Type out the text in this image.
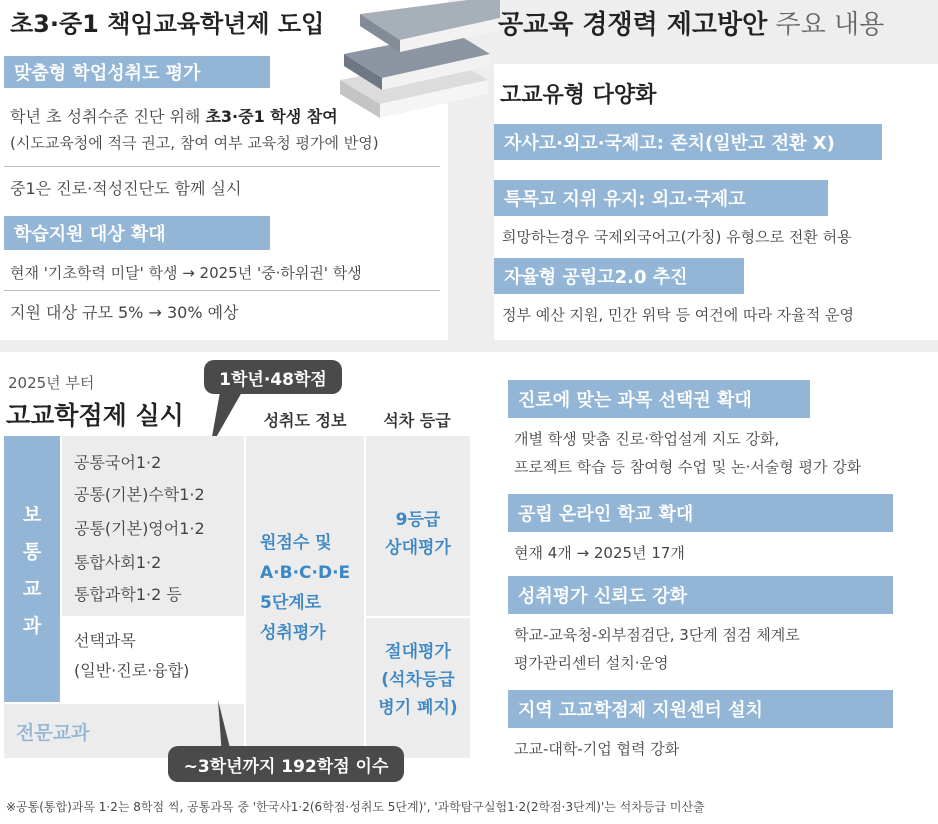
초3·중1 책임교육학년제 도입
맞춤형 학업성취도 평가
학년 초 성취수준 진단 위해 초3·중1 학생 참여
(시도교육청에 적극 권고, 참여 여부 교육청 평가에 반영)
중1은 진로·적성진단도 함께 실시
학습지원 대상 확대
현재 '기초학력 미달' 학생 → 2025년 '중·하위권' 학생
지원 대상 규모 5% → 30% 예상
공교육 경쟁력 제고방안 주요 내용
고교유형 다양화
자사고·외고·국제고: 존치(일반고 전환 X)
특목고 지위 유지: 외고·국제고
희망하는경우 국제외국어고(가칭) 유형으로 전환 허용
자율형 공립고2.0 추진
정부 예산 지원, 민간 위탁 등 여건에 따라 자율적 운영
2025년 부터
고교학점제 실시
1학년·48학점
성취도 정보	석차 등급
보
통
교
과
공통국어1·2
공통(기본)수학1·2
공통(기본)영어1·2
통합사회1·2
통합과학1·2 등
선택과목
(일반·진로·융합)
전문교과
원점수 및
A·B·C·D·E
5단계로
성취평가
9등급
상대평가
절대평가
(석차등급
병기 폐지)
~3학년까지 192학점 이수
진로에 맞는 과목 선택권 확대
개별 학생 맞춤 진로·학업설계 지도 강화,
프로젝트 학습 등 참여형 수업 및 논·서술형 평가 강화
공립 온라인 학교 확대
현재 4개 → 2025년 17개
성취평가 신뢰도 강화
학교-교육청-외부점검단, 3단계 점검 체계로
평가관리센터 설치·운영
지역 고교학점제 지원센터 설치
고교-대학-기업 협력 강화
※공통(통합)과목 1·2는 8학점 씩, 공통과목 중 '한국사1·2(6학점·성취도 5단계)', '과학탐구실험1·2(2학점·3단계)'는 석차등급 미산출
